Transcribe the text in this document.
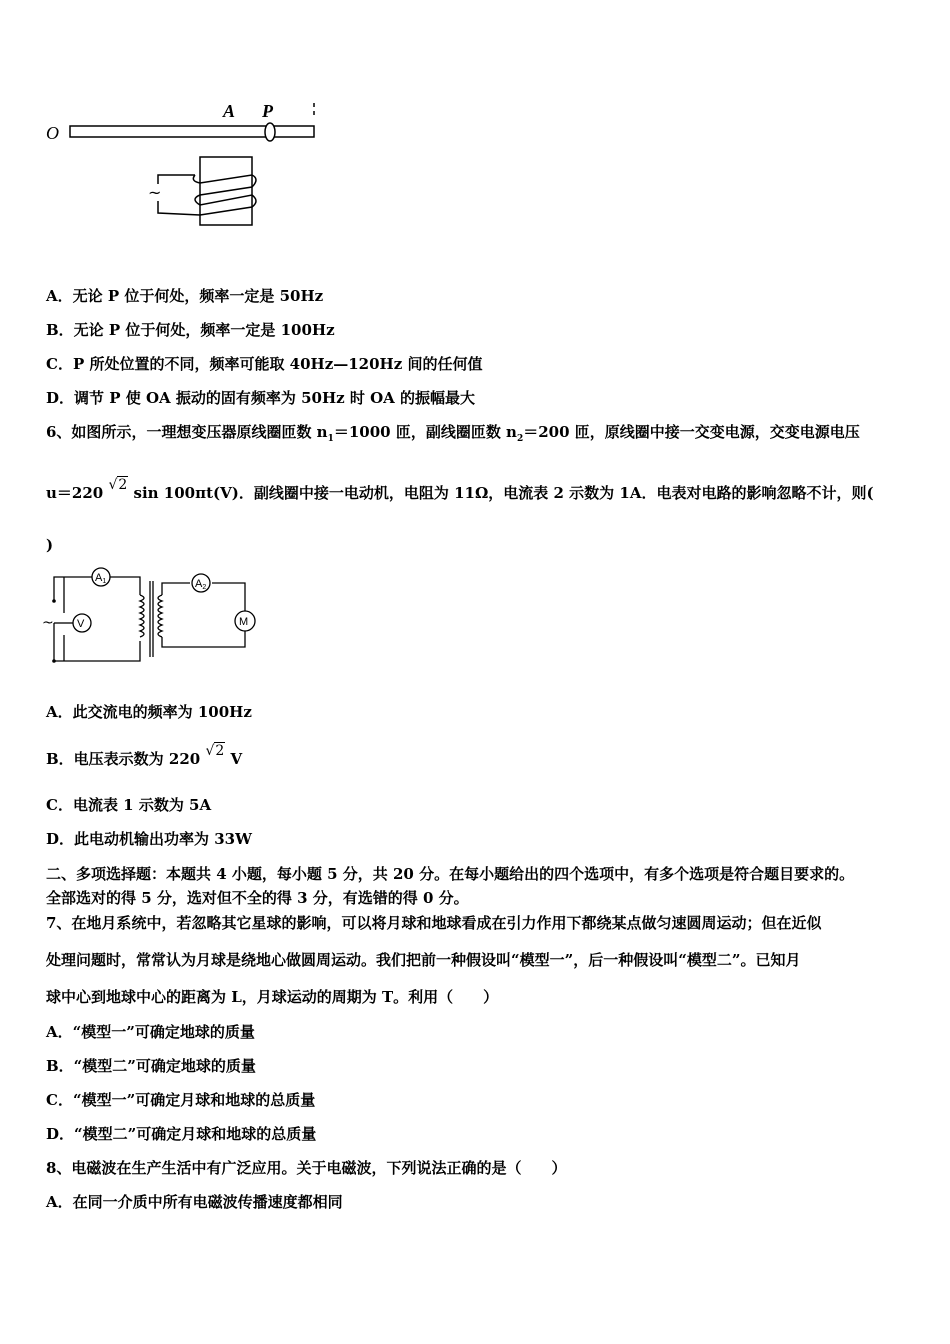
O
A P
~
A．无论 P 位于何处，频率一定是 50Hz
B．无论 P 位于何处，频率一定是 100Hz
C．P 所处位置的不同，频率可能取 40Hz—120Hz 间的任何值
D．调节 P 使 OA 振动的固有频率为 50Hz 时 OA 的振幅最大
6、如图所示，一理想变压器原线圈匝数 $n_1=1000$ 匝，副线圈匝数 $n_2=200$ 匝，原线圈中接一交变电源，交变电源电压
u＝220 √2 sin 100πt(V)．副线圈中接一电动机，电阻为 11Ω，电流表 2 示数为 1A．电表对电路的影响忽略不计，则(
)
~
A1	A2
V	M
A．此交流电的频率为 100Hz
B．电压表示数为 220 √2 V
C．电流表 1 示数为 5A
D．此电动机输出功率为 33W
二、多项选择题：本题共 4 小题，每小题 5 分，共 20 分。在每小题给出的四个选项中，有多个选项是符合题目要求的。
全部选对的得 5 分，选对但不全的得 3 分，有选错的得 0 分。
7、在地月系统中，若忽略其它星球的影响，可以将月球和地球看成在引力作用下都绕某点做匀速圆周运动；但在近似
处理问题时，常常认为月球是绕地心做圆周运动。我们把前一种假设叫“模型一”，后一种假设叫“模型二”。已知月
球中心到地球中心的距离为 L，月球运动的周期为 T。利用（　　）
A．“模型一”可确定地球的质量
B．“模型二”可确定地球的质量
C．“模型一”可确定月球和地球的总质量
D．“模型二”可确定月球和地球的总质量
8、电磁波在生产生活中有广泛应用。关于电磁波，下列说法正确的是（　　）
A．在同一介质中所有电磁波传播速度都相同
